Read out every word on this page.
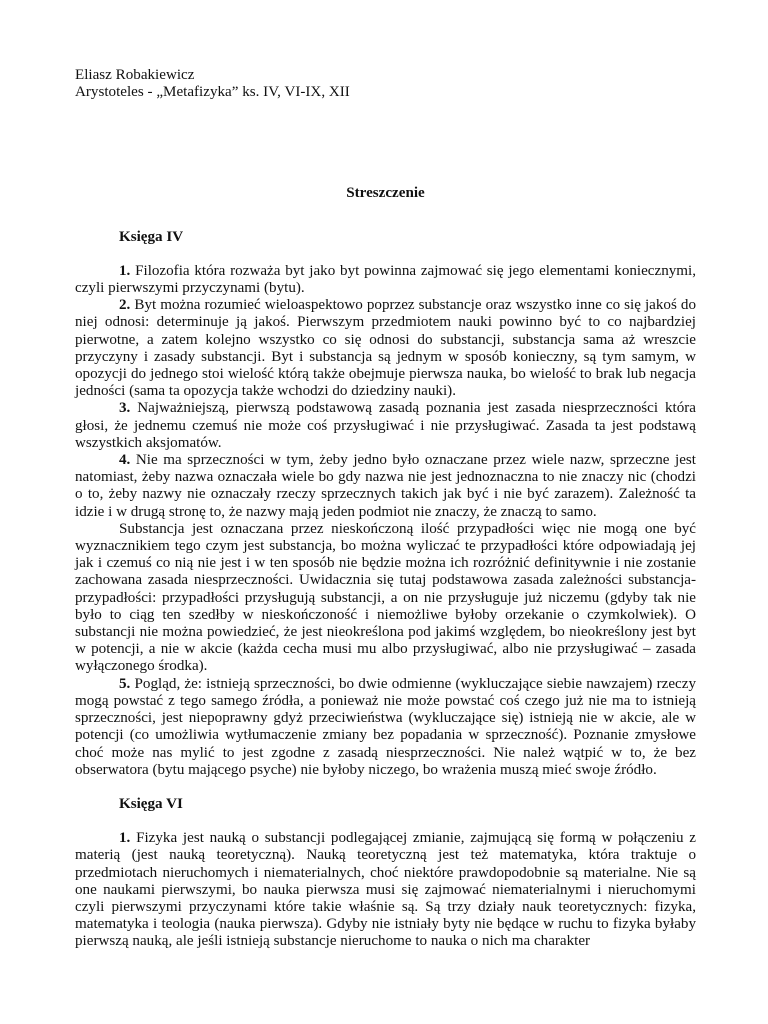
Eliasz Robakiewicz

Arystoteles - „Metafizyka” ks. IV, VI-IX, XII

Streszczenie

Księga IV

1. Filozofia która rozważa byt jako byt powinna zajmować się jego elementami koniecznymi, czyli pierwszymi przyczynami (bytu).

2. Byt można rozumieć wieloaspektowo poprzez substancje oraz wszystko inne co się jakoś do niej odnosi: determinuje ją jakoś. Pierwszym przedmiotem nauki powinno być to co najbardziej pierwotne, a zatem kolejno wszystko co się odnosi do substancji, substancja sama aż wreszcie przyczyny i zasady substancji. Byt i substancja są jednym w sposób konieczny, są tym samym, w opozycji do jednego stoi wielość którą także obejmuje pierwsza nauka, bo wielość to brak lub negacja jedności (sama ta opozycja także wchodzi do dziedziny nauki).

3. Najważniejszą, pierwszą podstawową zasadą poznania jest zasada niesprzeczności która głosi, że jednemu czemuś nie może coś przysługiwać i nie przysługiwać. Zasada ta jest podstawą wszystkich aksjomatów.

4. Nie ma sprzeczności w tym, żeby jedno było oznaczane przez wiele nazw, sprzeczne jest natomiast, żeby nazwa oznaczała wiele bo gdy nazwa nie jest jednoznaczna to nie znaczy nic (chodzi o to, żeby nazwy nie oznaczały rzeczy sprzecznych takich jak być i nie być zarazem). Zależność ta idzie i w drugą stronę to, że nazwy mają jeden podmiot nie znaczy, że znaczą to samo.

Substancja jest oznaczana przez nieskończoną ilość przypadłości więc nie mogą one być wyznacznikiem tego czym jest substancja, bo można wyliczać te przypadłości które odpowiadają jej jak i czemuś co nią nie jest i w ten sposób nie będzie można ich rozróżnić definitywnie i nie zostanie zachowana zasada niesprzeczności. Uwidacznia się tutaj podstawowa zasada zależności substancja-przypadłości: przypadłości przysługują substancji, a on nie przysługuje już niczemu (gdyby tak nie było to ciąg ten szedłby w nieskończoność i niemożliwe byłoby orzekanie o czymkolwiek). O substancji nie można powiedzieć, że jest nieokreślona pod jakimś względem, bo nieokreślony jest byt w potencji, a nie w akcie (każda cecha musi mu albo przysługiwać, albo nie przysługiwać – zasada wyłączonego środka).

5. Pogląd, że: istnieją sprzeczności, bo dwie odmienne (wykluczające siebie nawzajem) rzeczy mogą powstać z tego samego źródła, a ponieważ nie może powstać coś czego już nie ma to istnieją sprzeczności, jest niepoprawny gdyż przeciwieństwa (wykluczające się) istnieją nie w akcie, ale w potencji (co umożliwia wytłumaczenie zmiany bez popadania w sprzeczność). Poznanie zmysłowe choć może nas mylić to jest zgodne z zasadą niesprzeczności. Nie należ wątpić w to, że bez obserwatora (bytu mającego psyche) nie byłoby niczego, bo wrażenia muszą mieć swoje źródło.

Księga VI

1. Fizyka jest nauką o substancji podlegającej zmianie, zajmującą się formą w połączeniu z materią (jest nauką teoretyczną). Nauką teoretyczną jest też matematyka, która traktuje o przedmiotach nieruchomych i niematerialnych, choć niektóre prawdopodobnie są materialne. Nie są one naukami pierwszymi, bo nauka pierwsza musi się zajmować niematerialnymi i nieruchomymi czyli pierwszymi przyczynami które takie właśnie są. Są trzy działy nauk teoretycznych: fizyka, matematyka i teologia (nauka pierwsza). Gdyby nie istniały byty nie będące w ruchu to fizyka byłaby pierwszą nauką, ale jeśli istnieją substancje nieruchome to nauka o nich ma charakter
